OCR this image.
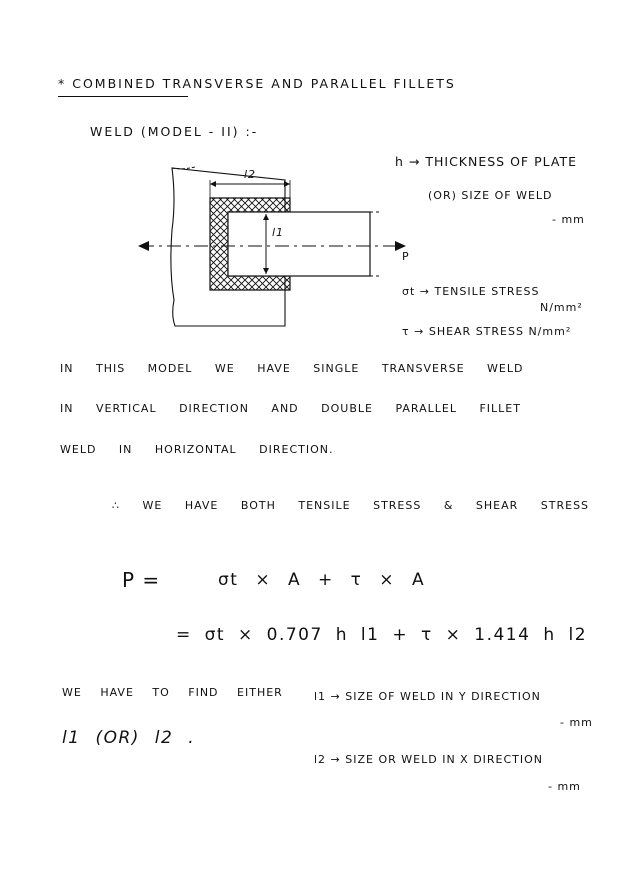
* COMBINED TRANSVERSE AND PARALLEL FILLETS
WELD (MODEL - II) :-
l2
l1
P
h → THICKNESS OF PLATE
(OR) SIZE OF WELD
- mm
σt → TENSILE STRESS
N/mm²
τ → SHEAR STRESS N/mm²
IN THIS MODEL WE HAVE SINGLE TRANSVERSE WELD
IN VERTICAL DIRECTION AND DOUBLE PARALLEL FILLET
WELD IN HORIZONTAL DIRECTION.
∴ WE HAVE BOTH TENSILE STRESS & SHEAR STRESS
P =	σt × A + τ × A
= σt × 0.707 h l1 + τ × 1.414 h l2
WE HAVE TO FIND EITHER
l1 (OR) l2 .
l1 → SIZE OF WELD IN Y DIRECTION
- mm
l2 → SIZE OR WELD IN X DIRECTION
- mm
